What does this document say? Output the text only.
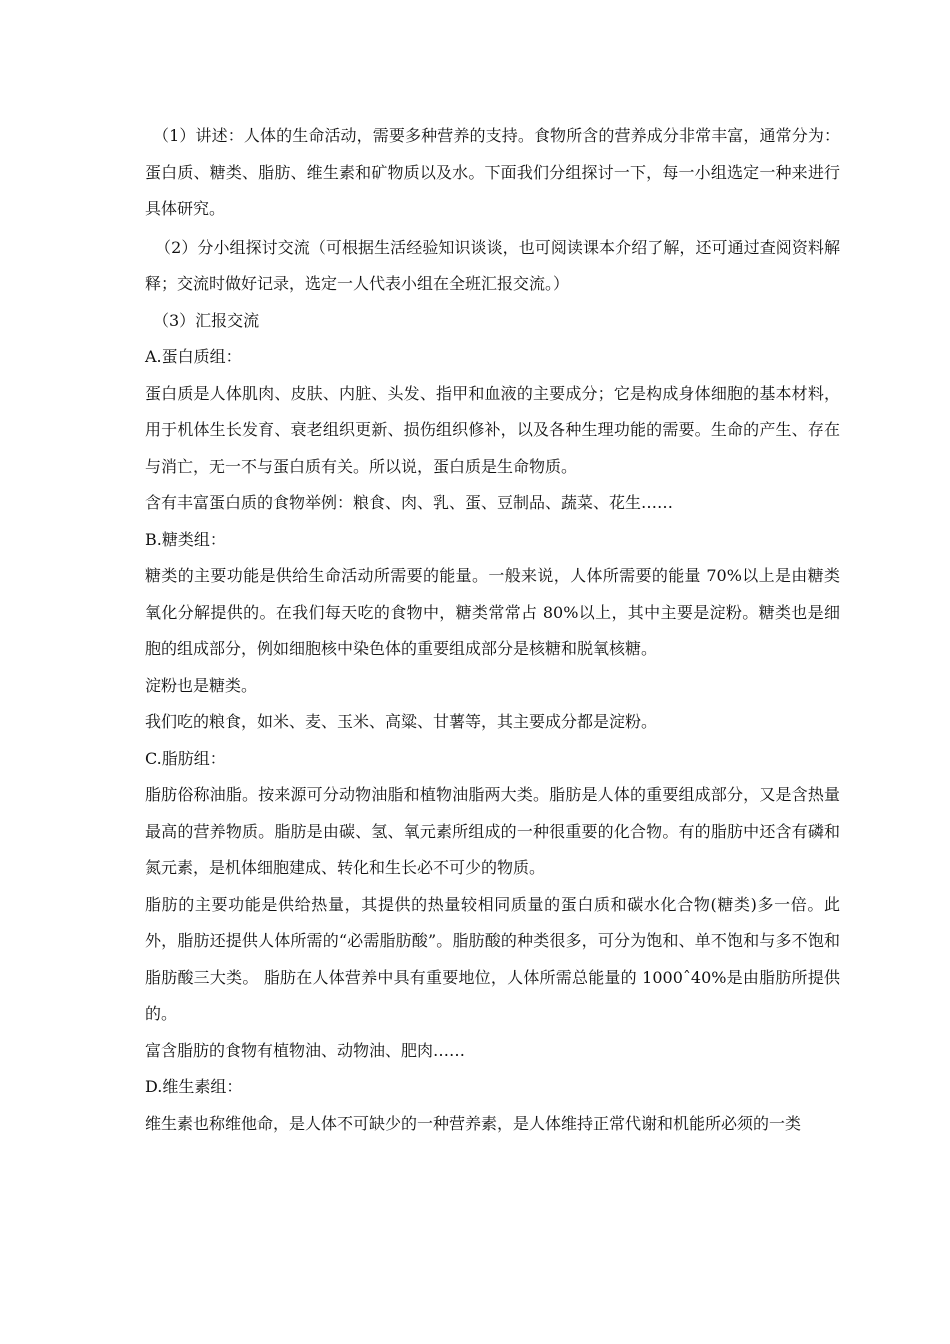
（1）讲述：人体的生命活动，需要多种营养的支持。食物所含的营养成分非常丰富，通常分为：蛋白质、糖类、脂肪、维生素和矿物质以及水。下面我们分组探讨一下，每一小组选定一种来进行具体研究。

（2）分小组探讨交流（可根据生活经验知识谈谈，也可阅读课本介绍了解，还可通过查阅资料解释；交流时做好记录，选定一人代表小组在全班汇报交流。）

（3）汇报交流

A.蛋白质组：

蛋白质是人体肌肉、皮肤、内脏、头发、指甲和血液的主要成分；它是构成身体细胞的基本材料，用于机体生长发育、衰老组织更新、损伤组织修补，以及各种生理功能的需要。生命的产生、存在与消亡，无一不与蛋白质有关。所以说，蛋白质是生命物质。

含有丰富蛋白质的食物举例：粮食、肉、乳、蛋、豆制品、蔬菜、花生……

B.糖类组：

糖类的主要功能是供给生命活动所需要的能量。一般来说，人体所需要的能量 70%以上是由糖类氧化分解提供的。在我们每天吃的食物中，糖类常常占 80%以上，其中主要是淀粉。糖类也是细胞的组成部分，例如细胞核中染色体的重要组成部分是核糖和脱氧核糖。

淀粉也是糖类。

我们吃的粮食，如米、麦、玉米、高粱、甘薯等，其主要成分都是淀粉。

C.脂肪组：

脂肪俗称油脂。按来源可分动物油脂和植物油脂两大类。脂肪是人体的重要组成部分，又是含热量最高的营养物质。脂肪是由碳、氢、氧元素所组成的一种很重要的化合物。有的脂肪中还含有磷和氮元素，是机体细胞建成、转化和生长必不可少的物质。

脂肪的主要功能是供给热量，其提供的热量较相同质量的蛋白质和碳水化合物(糖类)多一倍。此外，脂肪还提供人体所需的“必需脂肪酸”。脂肪酸的种类很多，可分为饱和、单不饱和与多不饱和脂肪酸三大类。 脂肪在人体营养中具有重要地位，人体所需总能量的 1000ˆ40%是由脂肪所提供的。

富含脂肪的食物有植物油、动物油、肥肉……

D.维生素组：

维生素也称维他命，是人体不可缺少的一种营养素，是人体维持正常代谢和机能所必须的一类
